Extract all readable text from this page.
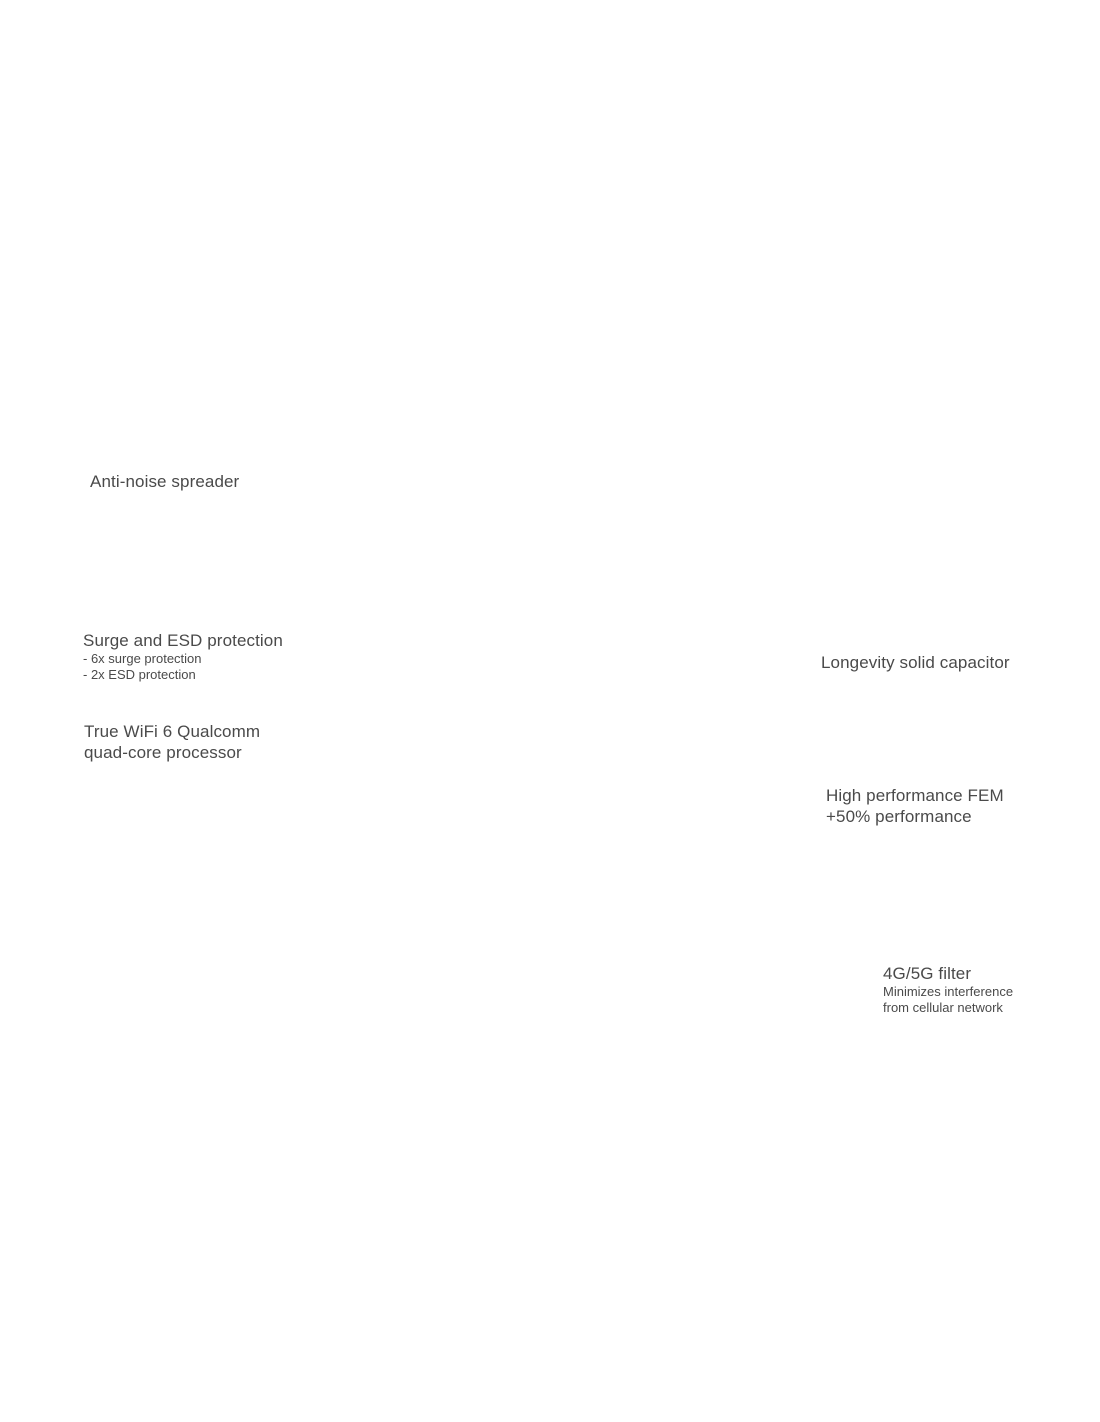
Anti-noise spreader
Surge and ESD protection
- 6x surge protection
- 2x ESD protection
True WiFi 6 Qualcomm
quad-core processor
Longevity solid capacitor
High performance FEM
+50% performance
4G/5G filter
Minimizes interference
from cellular network
